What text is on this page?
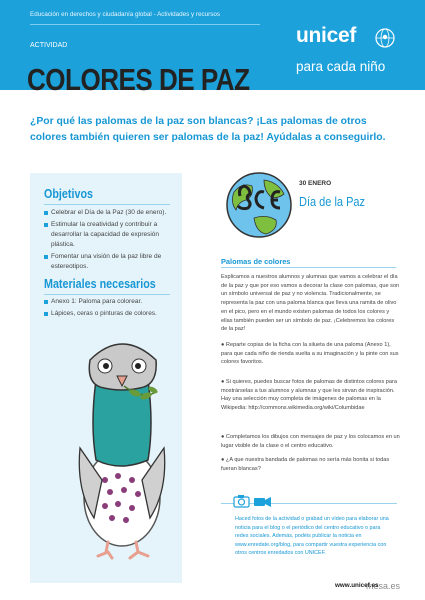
Educación en derechos y ciudadanía global - Actividades y recursos
ACTIVIDAD	unicef
para cada niño
COLORES DE PAZ

¿Por qué las palomas de la paz son blancas? ¡Las palomas de otros colores también quieren ser palomas de la paz! Ayúdalas a conseguirlo.

Objetivos
Celebrar el Día de la Paz (30 de enero).
Estimular la creatividad y contribuir a desarrollar la capacidad de expresión plástica.
Fomentar una visión de la paz libre de estereotipos.
Materiales necesarios
Anexo 1: Paloma para colorear.
Lápices, ceras o pinturas de colores.
30 ENERO
Día de la Paz
Palomas de colores

Explicamos a nuestros alumnos y alumnas que vamos a celebrar el día de la paz y que por eso vamos a decorar la clase con palomas, que son un símbolo universal de paz y no violencia. Tradicionalmente, se representa la paz con una paloma blanca que lleva una ramita de olivo en el pico, pero en el mundo existen palomas de todos los colores y ellas también pueden ser un símbolo de paz. ¡Celebremos los colores de la paz!

● Reparte copias de la ficha con la silueta de una paloma (Anexo 1), para que cada niño de rienda suelta a su imaginación y la pinte con sus colores favoritos.

● Si quieres, puedes buscar fotos de palomas de distintos colores para mostrárselas a tus alumnos y alumnas y que les sirvan de inspiración. Hay una selección muy completa de imágenes de palomas en la Wikipedia: http://commons.wikimedia.org/wiki/Columbidae

● Completamos los dibujos con mensajes de paz y los colocamos en un lugar visible de la clase o el centro educativo.

● ¿A que nuestra bandada de palomas no sería más bonita si todas fueran blancas?

Haced fotos de la actividad o grabad un vídeo para elaborar una noticia para el blog o el periódico del centro educativo o para redes sociales. Además, podéis publicar la noticia en www.enredate.org/blog, para compartir vuestra experiencia con otros centros enredados con UNICEF.

www.unicef.es
mesa.es
